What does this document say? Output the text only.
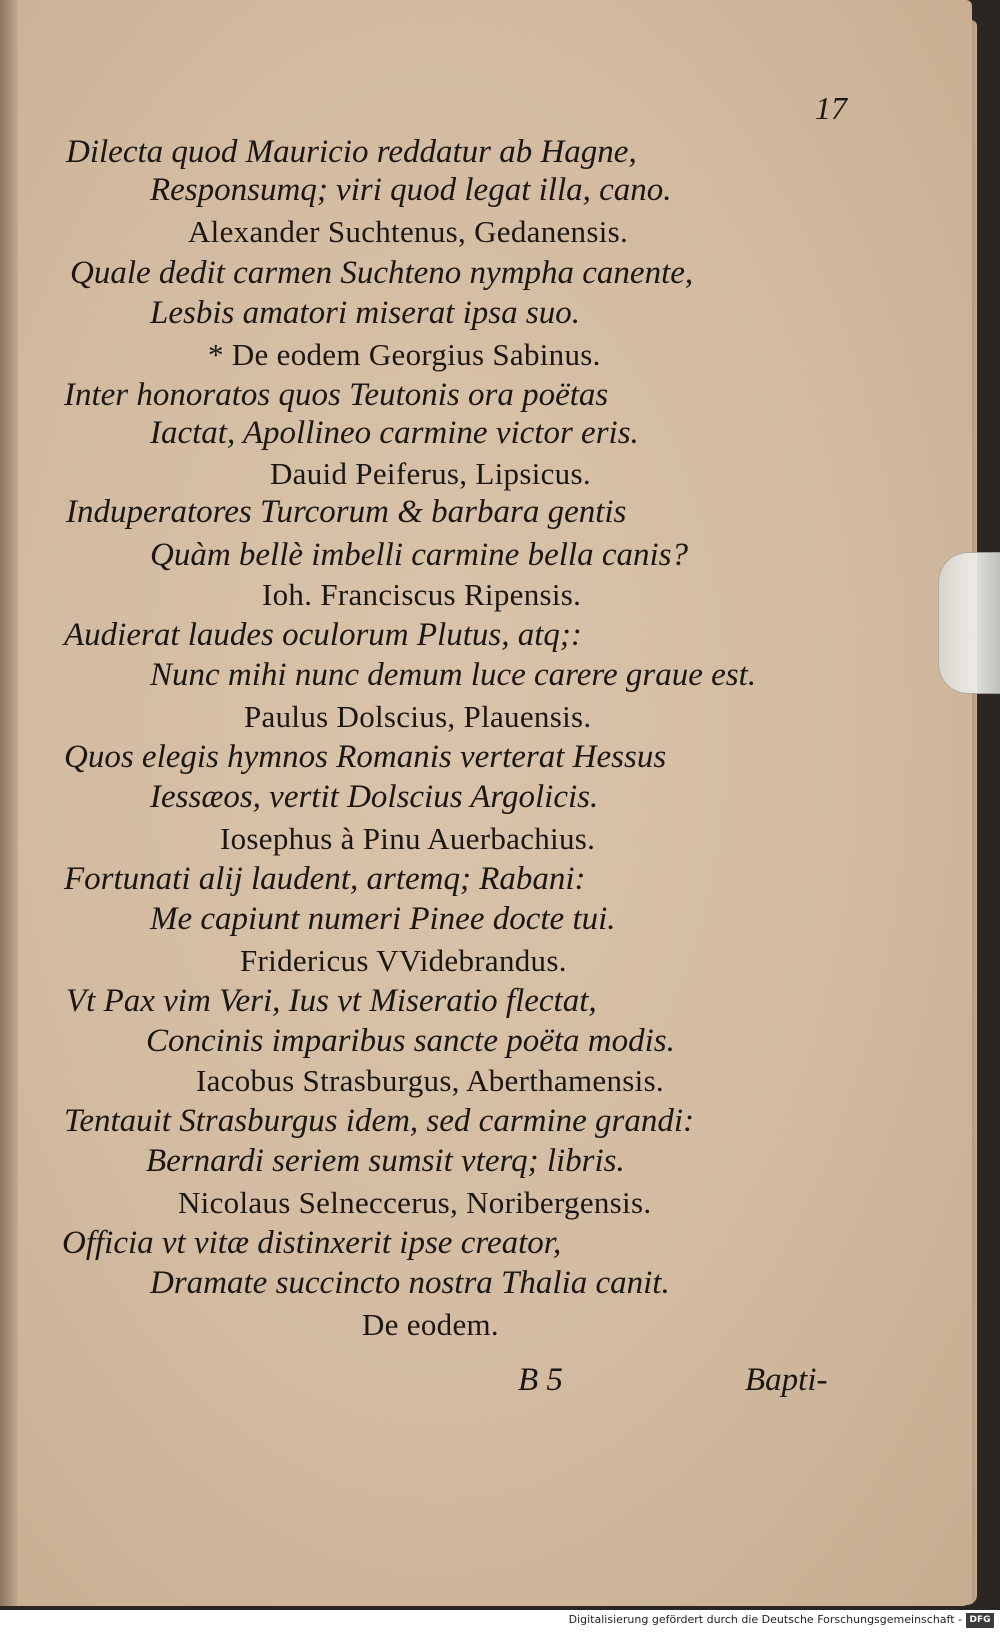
17
Dilecta quod Mauricio reddatur ab Hagne,
Responsumq; viri quod legat illa, cano.
Alexander Suchtenus, Gedanensis.
Quale dedit carmen Suchteno nympha canente,
Lesbis amatori miserat ipsa suo.
* De eodem Georgius Sabinus.
Inter honoratos quos Teutonis ora poëtas
Iactat, Apollineo carmine victor eris.
Dauid Peiferus, Lipsicus.
Induperatores Turcorum & barbara gentis
Quàm bellè imbelli carmine bella canis?
Ioh. Franciscus Ripensis.
Audierat laudes oculorum Plutus, atq;:
Nunc mihi nunc demum luce carere graue est.
Paulus Dolscius, Plauensis.
Quos elegis hymnos Romanis verterat Hessus
Iessæos, vertit Dolscius Argolicis.
Iosephus à Pinu Auerbachius.
Fortunati alij laudent, artemq; Rabani:
Me capiunt numeri Pinee docte tui.
Fridericus VVidebrandus.
Vt Pax vim Veri, Ius vt Miseratio flectat,
Concinis imparibus sancte poëta modis.
Iacobus Strasburgus, Aberthamensis.
Tentauit Strasburgus idem, sed carmine grandi:
Bernardi seriem sumsit vterq; libris.
Nicolaus Selneccerus, Noribergensis.
Officia vt vitæ distinxerit ipse creator,
Dramate succincto nostra Thalia canit.
De eodem.
B 5	Bapti-
Digitalisierung gefördert durch die Deutsche Forschungsgemeinschaft - DFG
